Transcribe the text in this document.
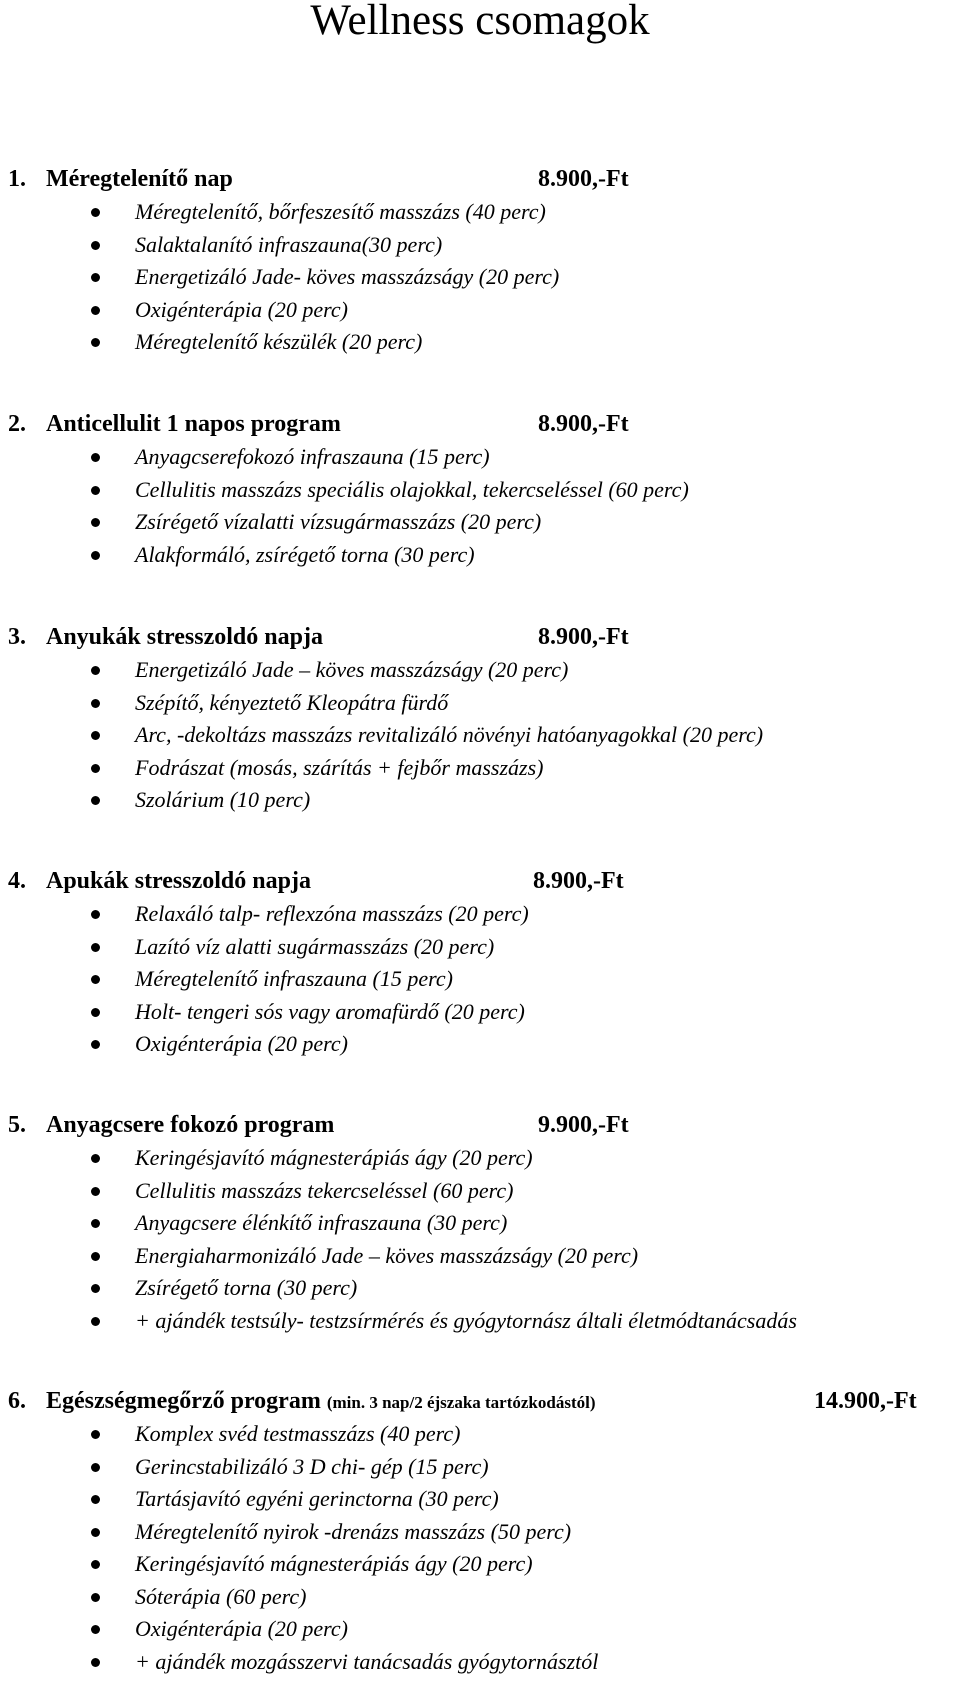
Wellness csomagok
1. Méregtelenítő nap	8.900,-Ft
Méregtelenítő, bőrfeszesítő masszázs (40 perc)
Salaktalanító infraszauna(30 perc)
Energetizáló Jade- köves masszázságy (20 perc)
Oxigénterápia (20 perc)
Méregtelenítő készülék (20 perc)
2. Anticellulit 1 napos program	8.900,-Ft
Anyagcserefokozó infraszauna (15 perc)
Cellulitis masszázs speciális olajokkal, tekercseléssel (60 perc)
Zsírégető vízalatti vízsugármasszázs (20 perc)
Alakformáló, zsírégető torna (30 perc)
3. Anyukák stresszoldó napja	8.900,-Ft
Energetizáló Jade – köves masszázságy (20 perc)
Szépítő, kényeztető Kleopátra fürdő
Arc, -dekoltázs masszázs revitalizáló növényi hatóanyagokkal (20 perc)
Fodrászat (mosás, szárítás + fejbőr masszázs)
Szolárium (10 perc)
4. Apukák stresszoldó napja	8.900,-Ft
Relaxáló talp- reflexzóna masszázs (20 perc)
Lazító víz alatti sugármasszázs (20 perc)
Méregtelenítő infraszauna (15 perc)
Holt- tengeri sós vagy aromafürdő (20 perc)
Oxigénterápia (20 perc)
5. Anyagcsere fokozó program	9.900,-Ft
Keringésjavító mágnesterápiás ágy (20 perc)
Cellulitis masszázs tekercseléssel (60 perc)
Anyagcsere élénkítő infraszauna (30 perc)
Energiaharmonizáló Jade – köves masszázságy (20 perc)
Zsírégető torna (30 perc)
+ ajándék testsúly- testzsírmérés és gyógytornász általi életmódtanácsadás
6. Egészségmegőrző program (min. 3 nap/2 éjszaka tartózkodástól)	14.900,-Ft
Komplex svéd testmasszázs (40 perc)
Gerincstabilizáló 3 D chi- gép (15 perc)
Tartásjavító egyéni gerinctorna (30 perc)
Méregtelenítő nyirok -drenázs masszázs (50 perc)
Keringésjavító mágnesterápiás ágy (20 perc)
Sóterápia (60 perc)
Oxigénterápia (20 perc)
+ ajándék mozgásszervi tanácsadás gyógytornásztól
